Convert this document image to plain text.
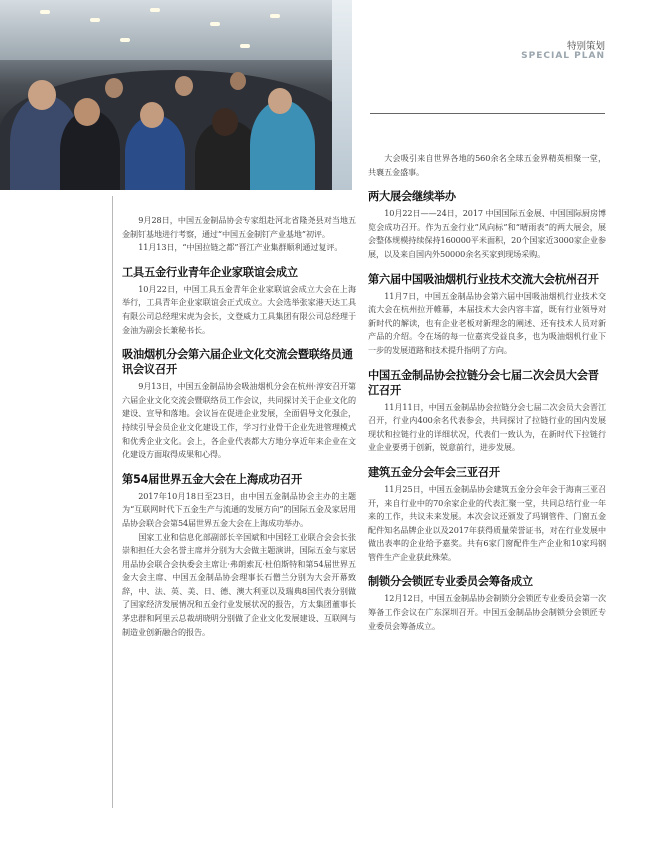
特别策划
SPECIAL PLAN

9月28日，中国五金制品协会专家组赴河北省隆尧县对当地五金制钉基地进行考察，通过“中国五金制钉产业基地”初评。

11月13日，“中国拉链之都”晋江产业集群顺利通过复评。

工具五金行业青年企业家联谊会成立

10月22日，中国工具五金青年企业家联谊会成立大会在上海举行，工具青年企业家联谊会正式成立。大会选举张家港天达工具有限公司总经理宋虎为会长，文登威力工具集团有限公司总经理于金油为副会长兼秘书长。

吸油烟机分会第六届企业文化交流会暨联络员通讯会议召开

9月13日，中国五金制品协会吸油烟机分会在杭州·淳安召开第六届企业文化交流会暨联络员工作会议，共同探讨关于企业文化的建设、宣导和落地。会议旨在促进企业发展，全面倡导文化强企，持续引导会员企业文化建设工作，学习行业骨干企业先进管理模式和优秀企业文化。会上，各企业代表都大方地分享近年来企业在文化建设方面取得成果和心得。

第54届世界五金大会在上海成功召开

2017年10月18日至23日，由中国五金制品协会主办的主题为“互联网时代下五金生产与流通的发展方向”的国际五金及家居用品协会联合会第54届世界五金大会在上海成功举办。

国家工业和信息化部副部长辛国斌和中国轻工业联合会会长张崇和担任大会名誉主席并分别为大会做主题演讲，国际五金与家居用品协会联合会执委会主席让·弗朗索瓦·杜伯斯特和第54届世界五金大会主席、中国五金制品协会理事长石僧兰分别为大会开幕致辞，中、法、英、美、日、德、澳大利亚以及瑞典8国代表分别做了国家经济发展情况和五金行业发展状况的报告，方太集团董事长茅忠群和阿里云总裁胡晓明分别做了企业文化发展建设、互联网与制造业创新融合的报告。

大会吸引来自世界各地的560余名全球五金界精英相聚一堂，共襄五金盛事。

两大展会继续举办

10月22日——24日，2017 中国国际五金展、中国国际厨房博览会成功召开。作为五金行业“风向标”和“晴雨表”的两大展会，展会整体规模持续保持160000平米面积，20个国家近3000家企业参展，以及来自国内外50000余名买家到现场采购。

第六届中国吸油烟机行业技术交流大会杭州召开

11月7日，中国五金制品协会第六届中国吸油烟机行业技术交流大会在杭州拉开帷幕，本届技术大会内容丰富，既有行业领导对新时代的解读，也有企业老板对新理念的阐述、还有技术人员对新产品的介绍。令在场的每一位嘉宾受益良多，也为吸油烟机行业下一步的发展道路和技术提升指明了方向。

中国五金制品协会拉链分会七届二次会员大会晋江召开

11月11日，中国五金制品协会拉链分会七届二次会员大会晋江召开，行业内400余名代表参会，共同探讨了拉链行业的国内发展现状和拉链行业的详细状况，代表们一致认为，在新时代下拉链行业企业要勇于创新，锐意前行，进步发展。

建筑五金分会年会三亚召开

11月25日，中国五金制品协会建筑五金分会年会于海南三亚召开，来自行业中的70余家企业的代表汇聚一堂，共同总结行业一年来的工作，共议未来发展。本次会议还颁发了玛钢管件、门窗五金配件知名品牌企业以及2017年获得质量荣誉证书，对在行业发展中做出表率的企业给予嘉奖。共有6家门窗配件生产企业和10家玛钢管件生产企业获此殊荣。

制锁分会锁匠专业委员会筹备成立

12月12日，中国五金制品协会制锁分会锁匠专业委员会第一次筹备工作会议在广东深圳召开。中国五金制品协会制锁分会锁匠专业委员会筹备成立。
